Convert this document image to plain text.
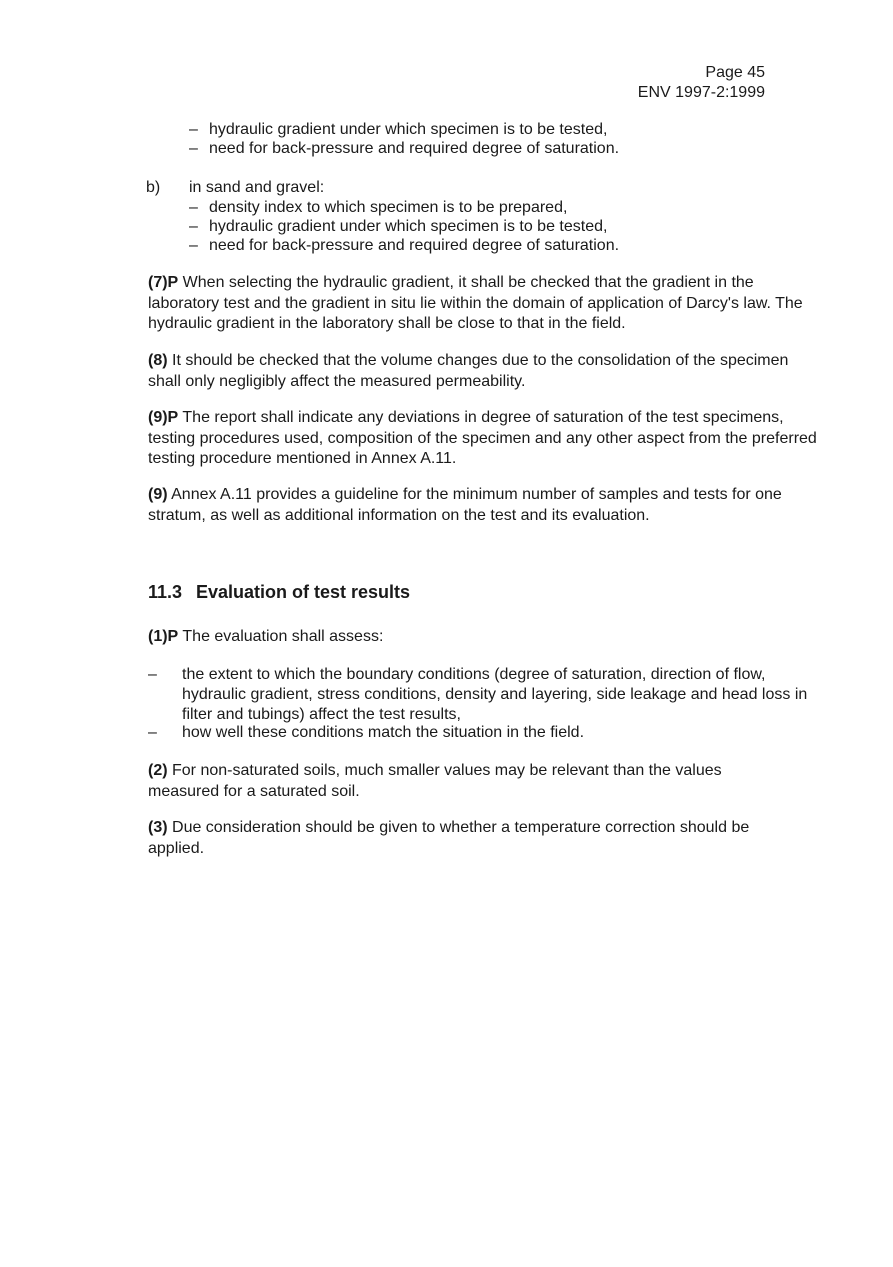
Page 45
ENV 1997-2:1999
– hydraulic gradient under which specimen is to be tested,
– need for back-pressure and required degree of saturation.
b) in sand and gravel:
– density index to which specimen is to be prepared,
– hydraulic gradient under which specimen is to be tested,
– need for back-pressure and required degree of saturation.
(7)P When selecting the hydraulic gradient, it shall be checked that the gradient in the laboratory test and the gradient in situ lie within the domain of application of Darcy's law. The hydraulic gradient in the laboratory shall be close to that in the field.
(8) It should be checked that the volume changes due to the consolidation of the specimen shall only negligibly affect the measured permeability.
(9)P The report shall indicate any deviations in degree of saturation of the test specimens, testing procedures used, composition of the specimen and any other aspect from the preferred testing procedure mentioned in Annex A.11.
(9) Annex A.11 provides a guideline for the minimum number of samples and tests for one stratum, as well as additional information on the test and its evaluation.
11.3 Evaluation of test results
(1)P The evaluation shall assess:
– the extent to which the boundary conditions (degree of saturation, direction of flow, hydraulic gradient, stress conditions, density and layering, side leakage and head loss in filter and tubings) affect the test results,
– how well these conditions match the situation in the field.
(2) For non-saturated soils, much smaller values may be relevant than the values measured for a saturated soil.
(3) Due consideration should be given to whether a temperature correction should be applied.
